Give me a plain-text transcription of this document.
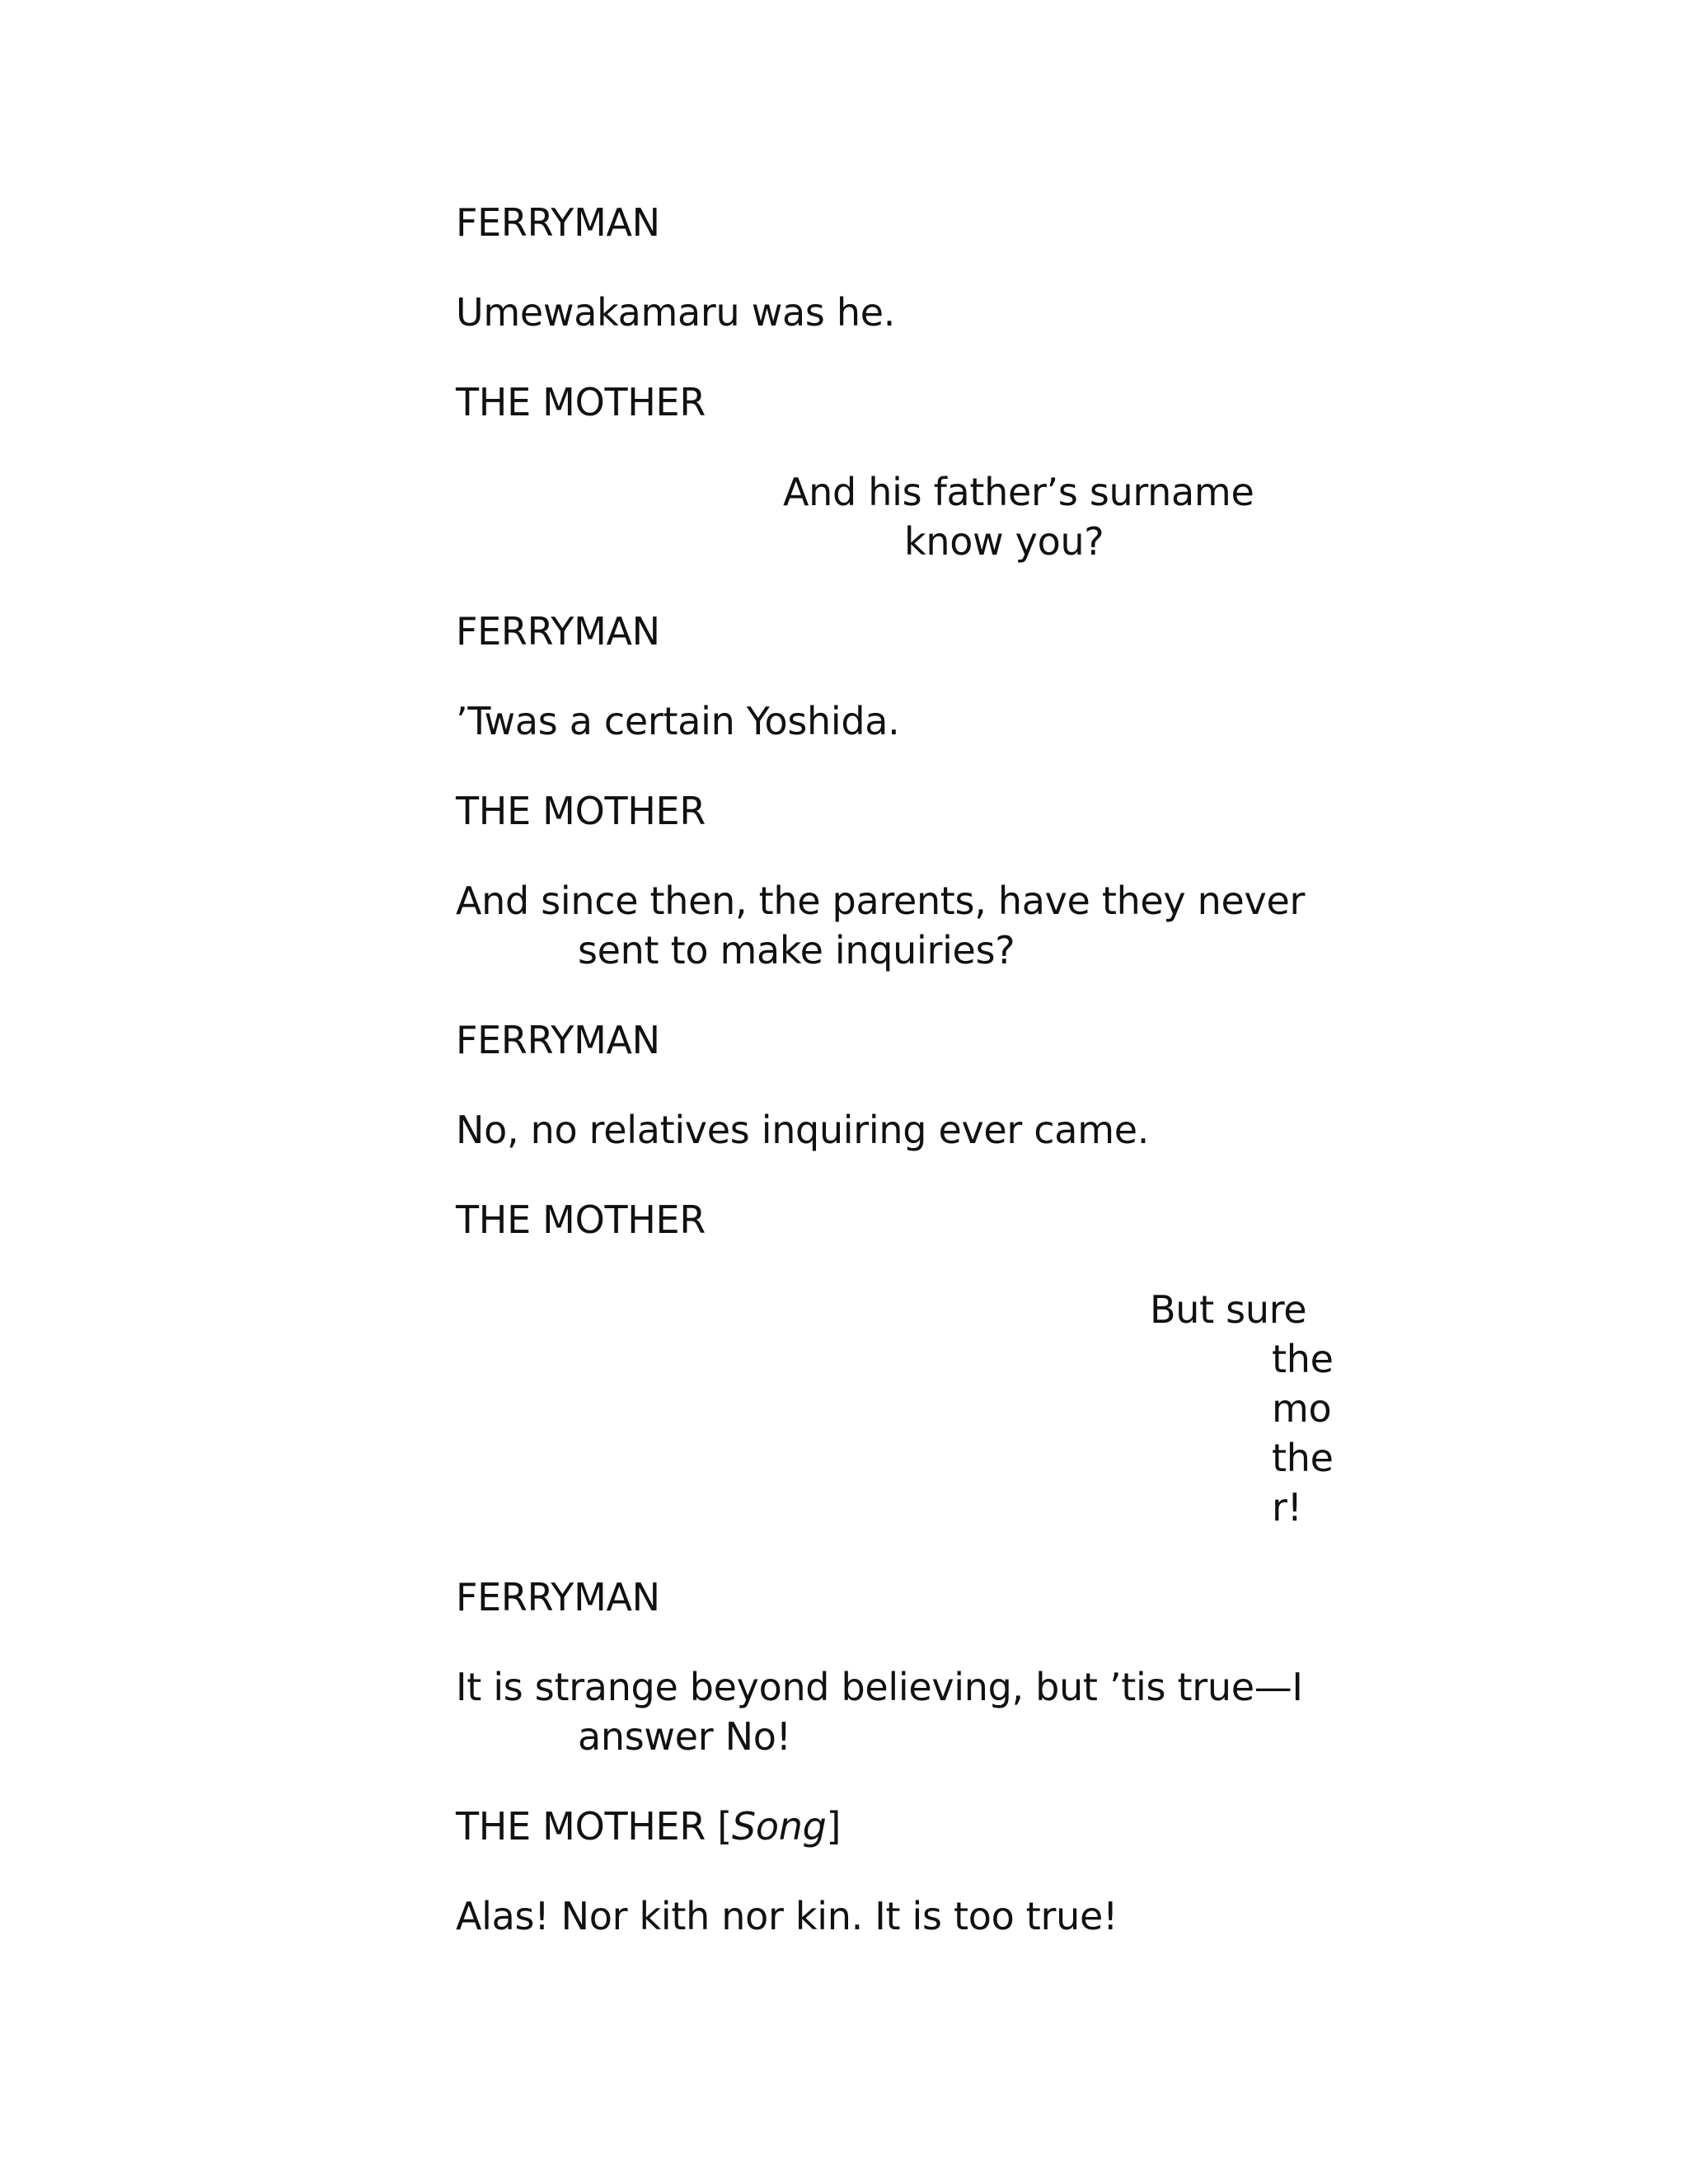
FERRYMAN

Umewakamaru was he.

THE MOTHER

And his father’s surname

know you?

FERRYMAN

’Twas a certain Yoshida.

THE MOTHER

And since then, the parents, have they never

sent to make inquiries?

FERRYMAN

No, no relatives inquiring ever came.

THE MOTHER

But sure

the

mo

the

r!

FERRYMAN

It is strange beyond believing, but ’tis true—I

answer No!

THE MOTHER [Song]

Alas! Nor kith nor kin. It is too true!
